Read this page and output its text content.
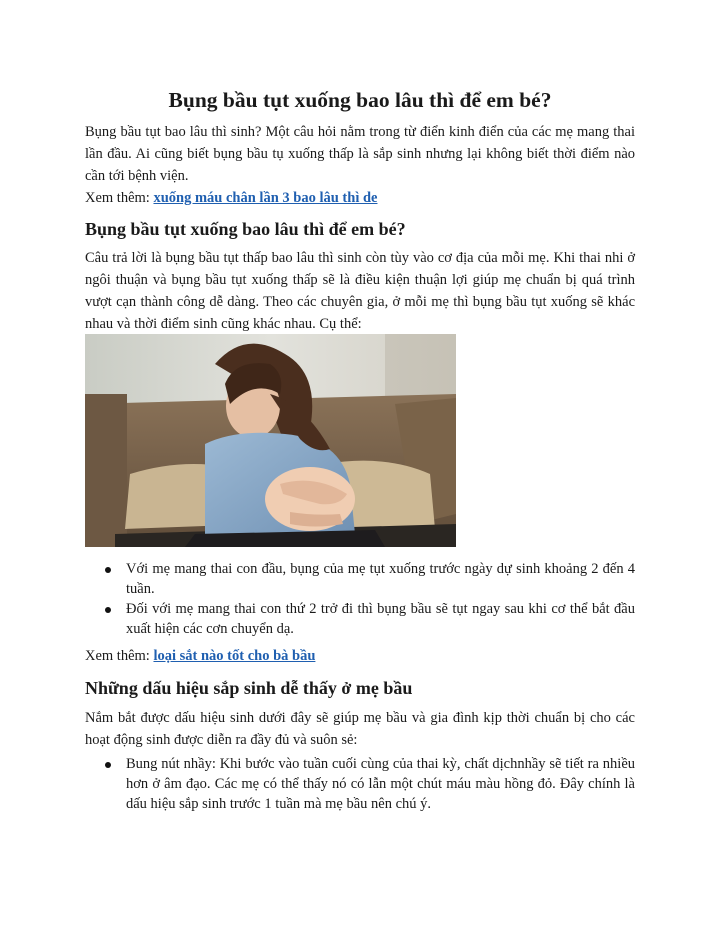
Bụng bầu tụt xuống bao lâu thì để em bé?

Bụng bầu tụt bao lâu thì sinh? Một câu hỏi nằm trong từ điển kinh điển của các mẹ mang thai lần đầu. Ai cũng biết bụng bầu tụ xuống thấp là sắp sinh nhưng lại không biết thời điểm nào cần tới bệnh viện.

Xem thêm: xuống máu chân lần 3 bao lâu thì de

Bụng bầu tụt xuống bao lâu thì để em bé?

Câu trả lời là bụng bầu tụt thấp bao lâu thì sinh còn tùy vào cơ địa của mỗi mẹ. Khi thai nhi ở ngôi thuận và bụng bầu tụt xuống thấp sẽ là điều kiện thuận lợi giúp mẹ chuẩn bị quá trình vượt cạn thành công dễ dàng. Theo các chuyên gia, ở mỗi mẹ thì bụng bầu tụt xuống sẽ khác nhau và thời điểm sinh cũng khác nhau. Cụ thể:

Với mẹ mang thai con đầu, bụng của mẹ tụt xuống trước ngày dự sinh khoảng 2 đến 4 tuần.
Đối với mẹ mang thai con thứ 2 trở đi thì bụng bầu sẽ tụt ngay sau khi cơ thể bắt đầu xuất hiện các cơn chuyển dạ.

Xem thêm: loại sắt nào tốt cho bà bầu

Những dấu hiệu sắp sinh dễ thấy ở mẹ bầu

Nắm bắt được dấu hiệu sinh dưới đây sẽ giúp mẹ bầu và gia đình kịp thời chuẩn bị cho các hoạt động sinh được diễn ra đầy đủ và suôn sẻ:

Bung nút nhầy: Khi bước vào tuần cuối cùng của thai kỳ, chất dịchnhầy sẽ tiết ra nhiều hơn ở âm đạo. Các mẹ có thể thấy nó có lẫn một chút máu màu hồng đỏ. Đây chính là dấu hiệu sắp sinh trước 1 tuần mà mẹ bầu nên chú ý.
